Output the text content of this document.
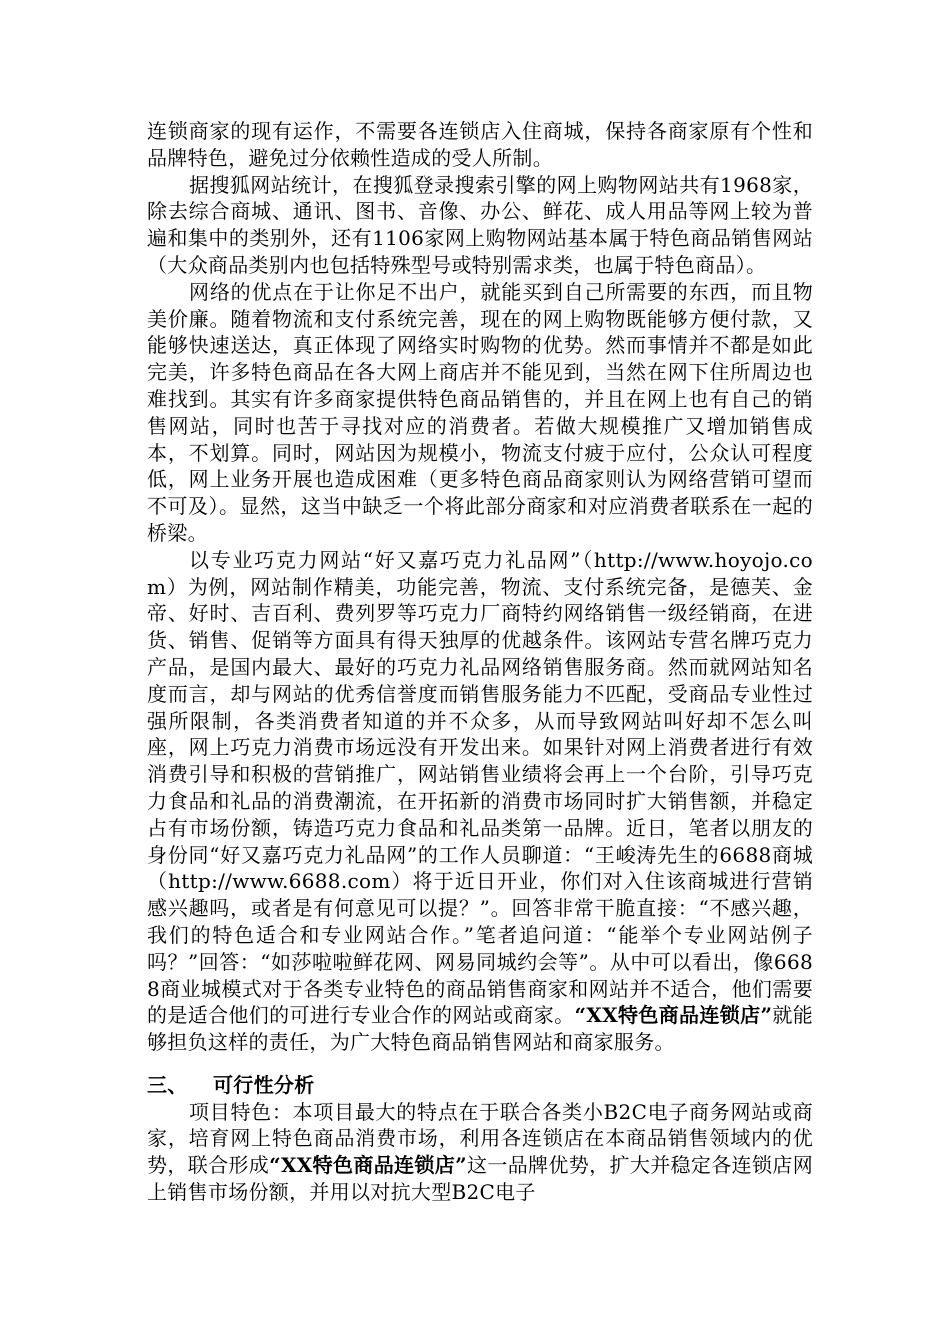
连锁商家的现有运作，不需要各连锁店入住商城，保持各商家原有个性和品牌特色，避免过分依赖性造成的受人所制。

据搜狐网站统计，在搜狐登录搜索引擎的网上购物网站共有1968家，除去综合商城、通讯、图书、音像、办公、鲜花、成人用品等网上较为普遍和集中的类别外，还有1106家网上购物网站基本属于特色商品销售网站（大众商品类别内也包括特殊型号或特别需求类，也属于特色商品）。

网络的优点在于让你足不出户，就能买到自己所需要的东西，而且物美价廉。随着物流和支付系统完善，现在的网上购物既能够方便付款，又能够快速送达，真正体现了网络实时购物的优势。然而事情并不都是如此完美，许多特色商品在各大网上商店并不能见到，当然在网下住所周边也难找到。其实有许多商家提供特色商品销售的，并且在网上也有自己的销售网站，同时也苦于寻找对应的消费者。若做大规模推广又增加销售成本，不划算。同时，网站因为规模小，物流支付疲于应付，公众认可程度低，网上业务开展也造成困难（更多特色商品商家则认为网络营销可望而不可及）。显然，这当中缺乏一个将此部分商家和对应消费者联系在一起的桥梁。

以专业巧克力网站“好又嘉巧克力礼品网”（http://www.hoyojo.com）为例，网站制作精美，功能完善，物流、支付系统完备，是德芙、金帝、好时、吉百利、费列罗等巧克力厂商特约网络销售一级经销商，在进货、销售、促销等方面具有得天独厚的优越条件。该网站专营名牌巧克力产品，是国内最大、最好的巧克力礼品网络销售服务商。然而就网站知名度而言，却与网站的优秀信誉度而销售服务能力不匹配，受商品专业性过强所限制，各类消费者知道的并不众多，从而导致网站叫好却不怎么叫座，网上巧克力消费市场远没有开发出来。如果针对网上消费者进行有效消费引导和积极的营销推广，网站销售业绩将会再上一个台阶，引导巧克力食品和礼品的消费潮流，在开拓新的消费市场同时扩大销售额，并稳定占有市场份额，铸造巧克力食品和礼品类第一品牌。近日，笔者以朋友的身份同“好又嘉巧克力礼品网”的工作人员聊道：“王峻涛先生的6688商城（http://www.6688.com）将于近日开业，你们对入住该商城进行营销感兴趣吗，或者是有何意见可以提？”。回答非常干脆直接：“不感兴趣，我们的特色适合和专业网站合作。”笔者追问道：“能举个专业网站例子吗？”回答：“如莎啦啦鲜花网、网易同城约会等”。从中可以看出，像6688商业城模式对于各类专业特色的商品销售商家和网站并不适合，他们需要的是适合他们的可进行专业合作的网站或商家。“XX特色商品连锁店”就能够担负这样的责任，为广大特色商品销售网站和商家服务。

三、	可行性分析

项目特色：本项目最大的特点在于联合各类小B2C电子商务网站或商家，培育网上特色商品消费市场，利用各连锁店在本商品销售领域内的优势，联合形成“XX特色商品连锁店”这一品牌优势，扩大并稳定各连锁店网上销售市场份额，并用以对抗大型B2C电子
